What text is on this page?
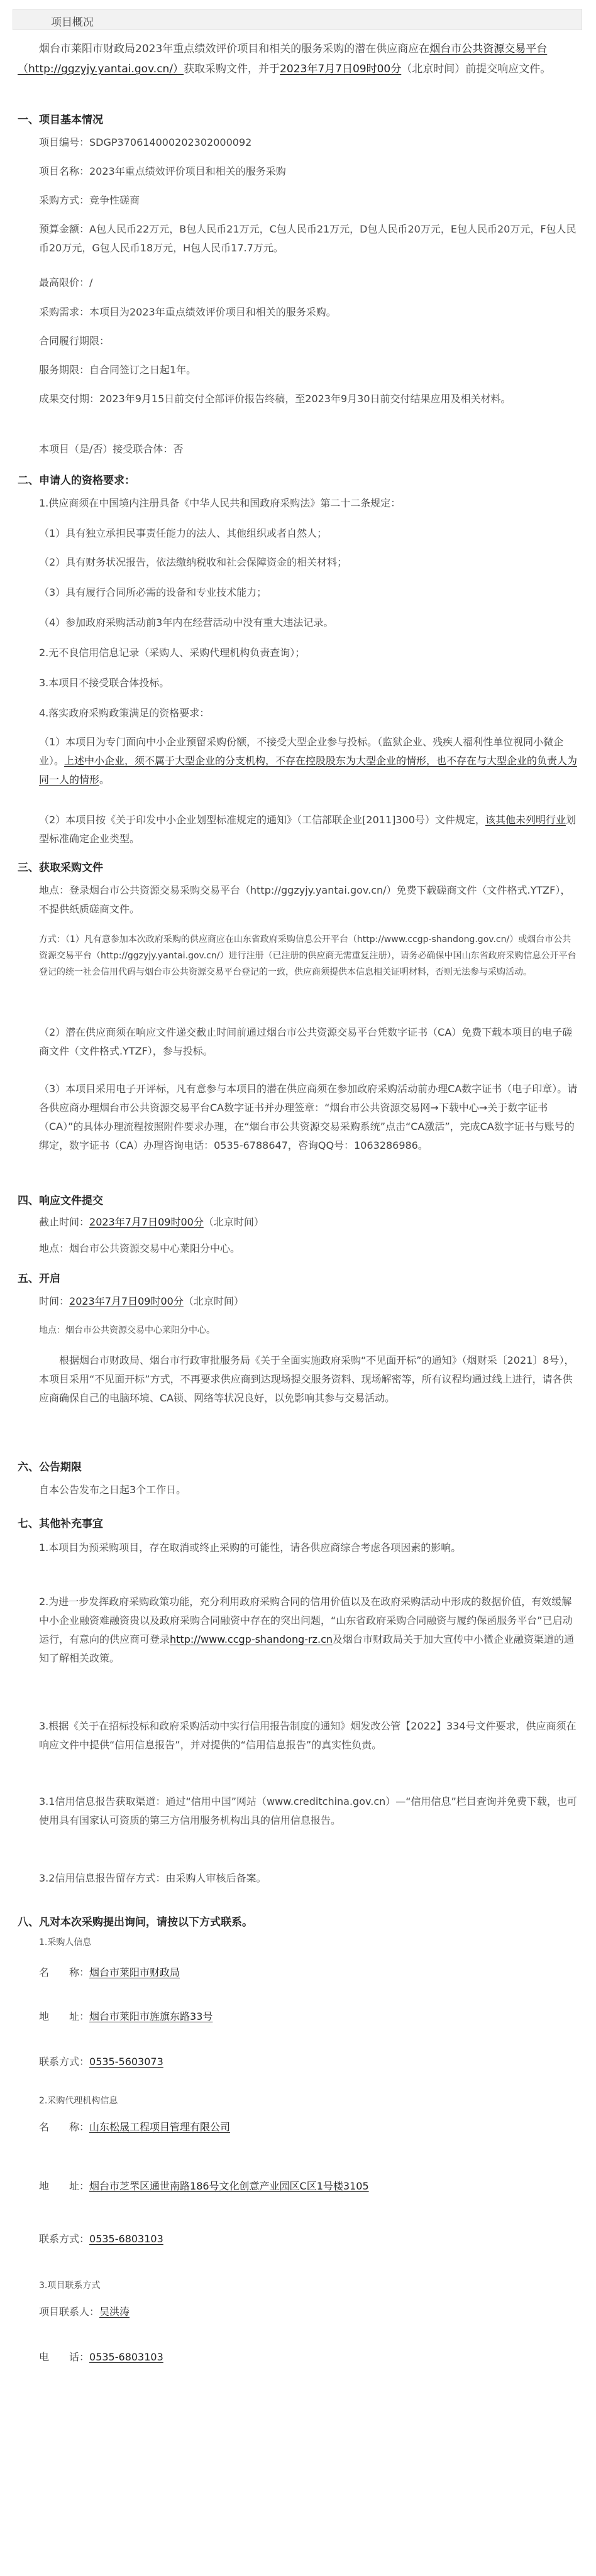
项目概况
烟台市莱阳市财政局2023年重点绩效评价项目和相关的服务采购的潜在供应商应在烟台市公共资源交易平台（http://ggzyjy.yantai.gov.cn/）获取采购文件，并于2023年7月7日09时00分（北京时间）前提交响应文件。
一、项目基本情况
项目编号：SDGP370614000202302000092
项目名称：2023年重点绩效评价项目和相关的服务采购
采购方式：竞争性磋商
预算金额：A包人民币22万元，B包人民币21万元，C包人民币21万元，D包人民币20万元，E包人民币20万元，F包人民币20万元，G包人民币18万元，H包人民币17.7万元。
最高限价：/
采购需求：本项目为2023年重点绩效评价项目和相关的服务采购。
合同履行期限：
服务期限：自合同签订之日起1年。
成果交付期：2023年9月15日前交付全部评价报告终稿，至2023年9月30日前交付结果应用及相关材料。
本项目（是/否）接受联合体：否
二、申请人的资格要求：
1.供应商须在中国境内注册具备《中华人民共和国政府采购法》第二十二条规定：
（1）具有独立承担民事责任能力的法人、其他组织或者自然人；
（2）具有财务状况报告，依法缴纳税收和社会保障资金的相关材料；
（3）具有履行合同所必需的设备和专业技术能力；
（4）参加政府采购活动前3年内在经营活动中没有重大违法记录。
2.无不良信用信息记录（采购人、采购代理机构负责查询）；
3.本项目不接受联合体投标。
4.落实政府采购政策满足的资格要求：
（1）本项目为专门面向中小企业预留采购份额，不接受大型企业参与投标。（监狱企业、残疾人福利性单位视同小微企业）。上述中小企业，须不属于大型企业的分支机构，不存在控股股东为大型企业的情形，也不存在与大型企业的负责人为同一人的情形。
（2）本项目按《关于印发中小企业划型标准规定的通知》（工信部联企业[2011]300号）文件规定，该其他未列明行业划型标准确定企业类型。
三、获取采购文件
地点：登录烟台市公共资源交易采购交易平台（http://ggzyjy.yantai.gov.cn/）免费下载磋商文件（文件格式.YTZF），不提供纸质磋商文件。
方式：（1）凡有意参加本次政府采购的供应商应在山东省政府采购信息公开平台（http://www.ccgp-shandong.gov.cn/）或烟台市公共资源交易平台（http://ggzyjy.yantai.gov.cn/）进行注册（已注册的供应商无需重复注册），请务必确保中国山东省政府采购信息公开平台登记的统一社会信用代码与烟台市公共资源交易平台登记的一致，供应商须提供本信息相关证明材料，否则无法参与采购活动。
（2）潜在供应商须在响应文件递交截止时间前通过烟台市公共资源交易平台凭数字证书（CA）免费下载本项目的电子磋商文件（文件格式.YTZF），参与投标。
（3）本项目采用电子开评标，凡有意参与本项目的潜在供应商须在参加政府采购活动前办理CA数字证书（电子印章）。请各供应商办理烟台市公共资源交易平台CA数字证书并办理签章：“烟台市公共资源交易网→下载中心→关于数字证书（CA）”的具体办理流程按照附件要求办理，在“烟台市公共资源交易采购系统”点击“CA激活”，完成CA数字证书与账号的绑定，数字证书（CA）办理咨询电话：0535-6788647，咨询QQ号：1063286986。
四、响应文件提交
截止时间：2023年7月7日09时00分（北京时间）
地点：烟台市公共资源交易中心莱阳分中心。
五、开启
时间：2023年7月7日09时00分（北京时间）
地点：烟台市公共资源交易中心莱阳分中心。
根据烟台市财政局、烟台市行政审批服务局《关于全面实施政府采购“不见面开标”的通知》（烟财采〔2021〕8号），本项目采用“不见面开标”方式，不再要求供应商到达现场提交服务资料、现场解密等，所有议程均通过线上进行，请各供应商确保自己的电脑环境、CA锁、网络等状况良好，以免影响其参与交易活动。
六、公告期限
自本公告发布之日起3个工作日。
七、其他补充事宜
1.本项目为预采购项目，存在取消或终止采购的可能性，请各供应商综合考虑各项因素的影响。
2.为进一步发挥政府采购政策功能，充分利用政府采购合同的信用价值以及在政府采购活动中形成的数据价值，有效缓解中小企业融资难融资贵以及政府采购合同融资中存在的突出问题，“山东省政府采购合同融资与履约保函服务平台”已启动运行，有意向的供应商可登录http://www.ccgp-shandong-rz.cn及烟台市财政局关于加大宣传中小微企业融资渠道的通知了解相关政策。
3.根据《关于在招标投标和政府采购活动中实行信用报告制度的通知》烟发改公管【2022】334号文件要求，供应商须在响应文件中提供“信用信息报告”，并对提供的“信用信息报告”的真实性负责。
3.1信用信息报告获取渠道：通过“信用中国”网站（www.creditchina.gov.cn）—“信用信息”栏目查询并免费下载，也可使用具有国家认可资质的第三方信用服务机构出具的信用信息报告。
3.2信用信息报告留存方式：由采购人审核后备案。
八、凡对本次采购提出询问，请按以下方式联系。
1.采购人信息
名　　称：烟台市莱阳市财政局
地　　址：烟台市莱阳市旌旗东路33号
联系方式：0535-5603073
2.采购代理机构信息
名　　称：山东松晟工程项目管理有限公司
地　　址：烟台市芝罘区通世南路186号文化创意产业园区C区1号楼3105
联系方式：0535-6803103
3.项目联系方式
项目联系人：吴洪涛
电　　话：0535-6803103
